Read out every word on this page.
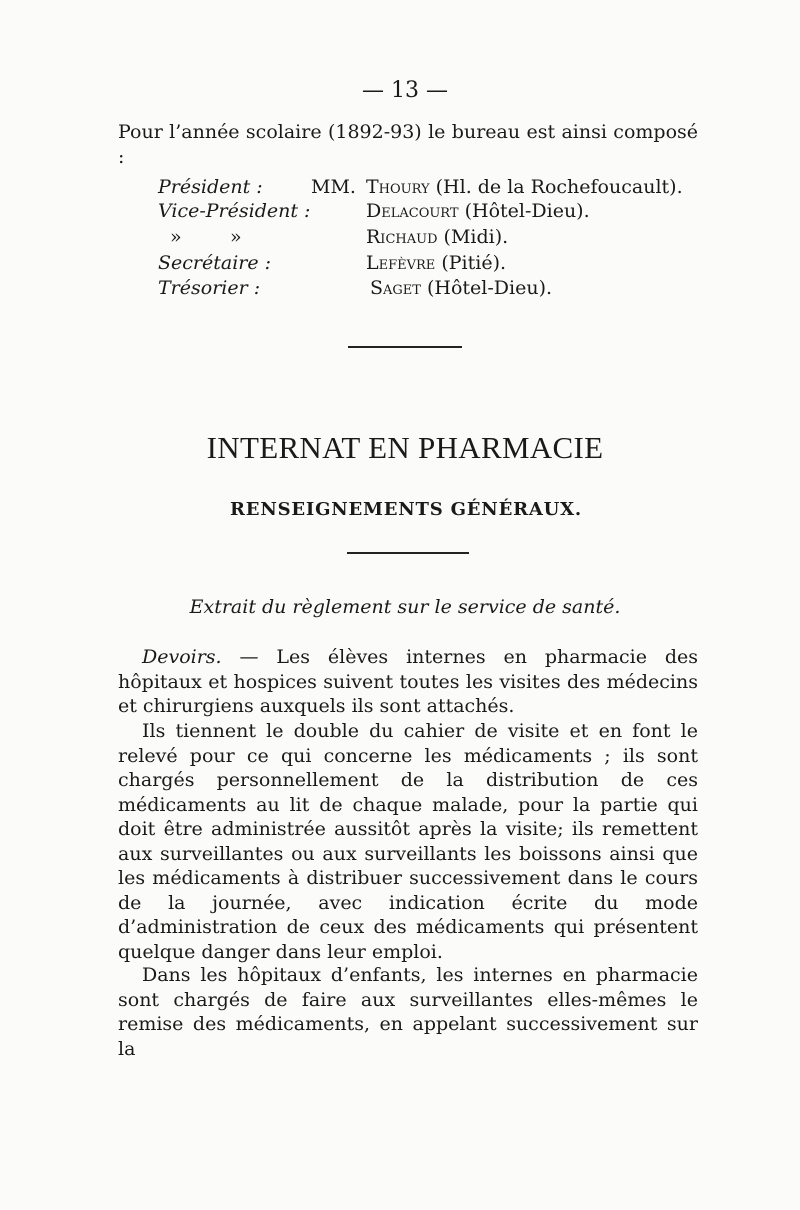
— 13 —

Pour l’année scolaire (1892-93) le bureau est ainsi composé :

Président :	MM. Thoury (Hl. de la Rochefoucault).
Vice-Président :	Delacourt (Hôtel-Dieu).
»        »	Richaud (Midi).
Secrétaire :	Lefèvre (Pitié).
Trésorier :	Saget (Hôtel-Dieu).
INTERNAT EN PHARMACIE
RENSEIGNEMENTS GÉNÉRAUX.
Extrait du règlement sur le service de santé.

Devoirs. — Les élèves internes en pharmacie des hôpitaux et hospices suivent toutes les visites des médecins et chirurgiens auxquels ils sont attachés.

Ils tiennent le double du cahier de visite et en font le relevé pour ce qui concerne les médicaments ; ils sont chargés personnellement de la distribution de ces médicaments au lit de chaque malade, pour la partie qui doit être administrée aussitôt après la visite; ils remettent aux surveillantes ou aux surveillants les boissons ainsi que les médicaments à distribuer successivement dans le cours de la journée, avec indication écrite du mode d’administration de ceux des médicaments qui présentent quelque danger dans leur emploi.

Dans les hôpitaux d’enfants, les internes en pharmacie sont chargés de faire aux surveillantes elles-mêmes le remise des médicaments, en appelant successivement sur la
